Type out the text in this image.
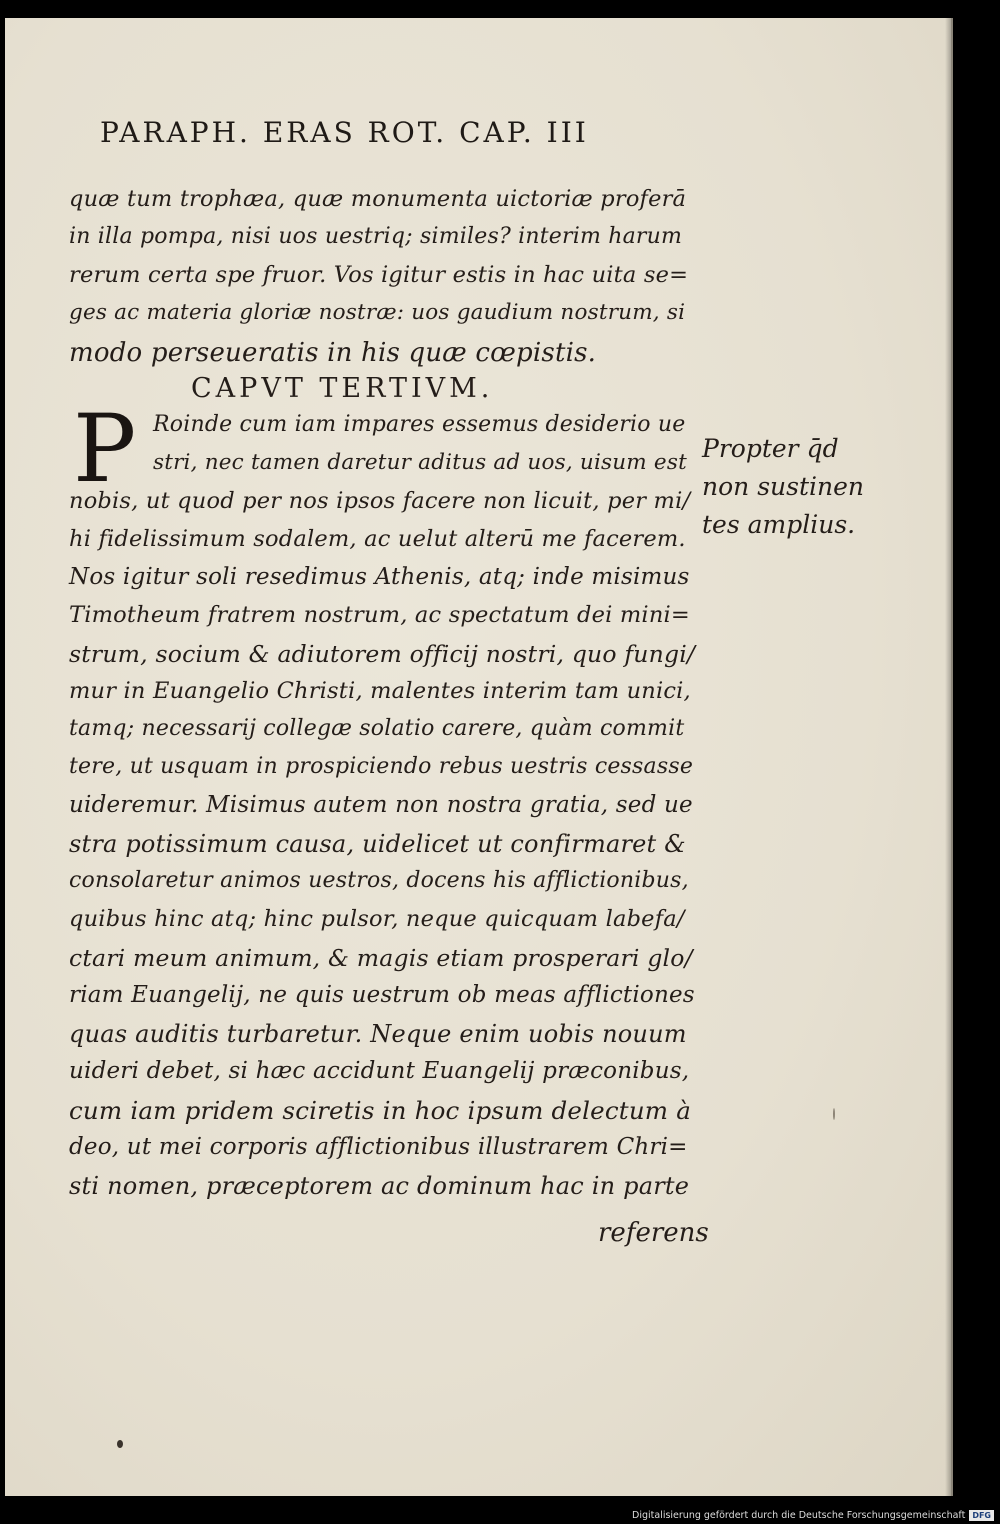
PARAPH. ERAS ROT. CAP. III
quæ tum trophæa, quæ monumenta uictoriæ proferā
in illa pompa, nisi uos uestriq; similes? interim harum
rerum certa spe fruor. Vos igitur estis in hac uita se=
ges ac materia gloriæ nostræ: uos gaudium nostrum, si
modo perseueratis in his quæ cœpistis.
CAPVT TERTIVM.
P Roinde cum iam impares essemus desiderio ue
stri, nec tamen daretur aditus ad uos, uisum est
nobis, ut quod per nos ipsos facere non licuit, per mi/
hi fidelissimum sodalem, ac uelut alterū me facerem.
Nos igitur soli resedimus Athenis, atq; inde misimus
Timotheum fratrem nostrum, ac spectatum dei mini=
strum, socium & adiutorem officij nostri, quo fungi/
mur in Euangelio Christi, malentes interim tam unici,
tamq; necessarij collegæ solatio carere, quàm commit
tere, ut usquam in prospiciendo rebus uestris cessasse
uideremur. Misimus autem non nostra gratia, sed ue
stra potissimum causa, uidelicet ut confirmaret &
consolaretur animos uestros, docens his afflictionibus,
quibus hinc atq; hinc pulsor, neque quicquam labefa/
ctari meum animum, & magis etiam prosperari glo/
riam Euangelij, ne quis uestrum ob meas afflictiones
quas auditis turbaretur. Neque enim uobis nouum
uideri debet, si hæc accidunt Euangelij præconibus,
cum iam pridem sciretis in hoc ipsum delectum à
deo, ut mei corporis afflictionibus illustrarem Chri=
sti nomen, præceptorem ac dominum hac in parte
referens
Propter q̄d
non sustinen
tes amplius.
Digitalisierung gefördert durch die Deutsche Forschungsgemeinschaft DFG
